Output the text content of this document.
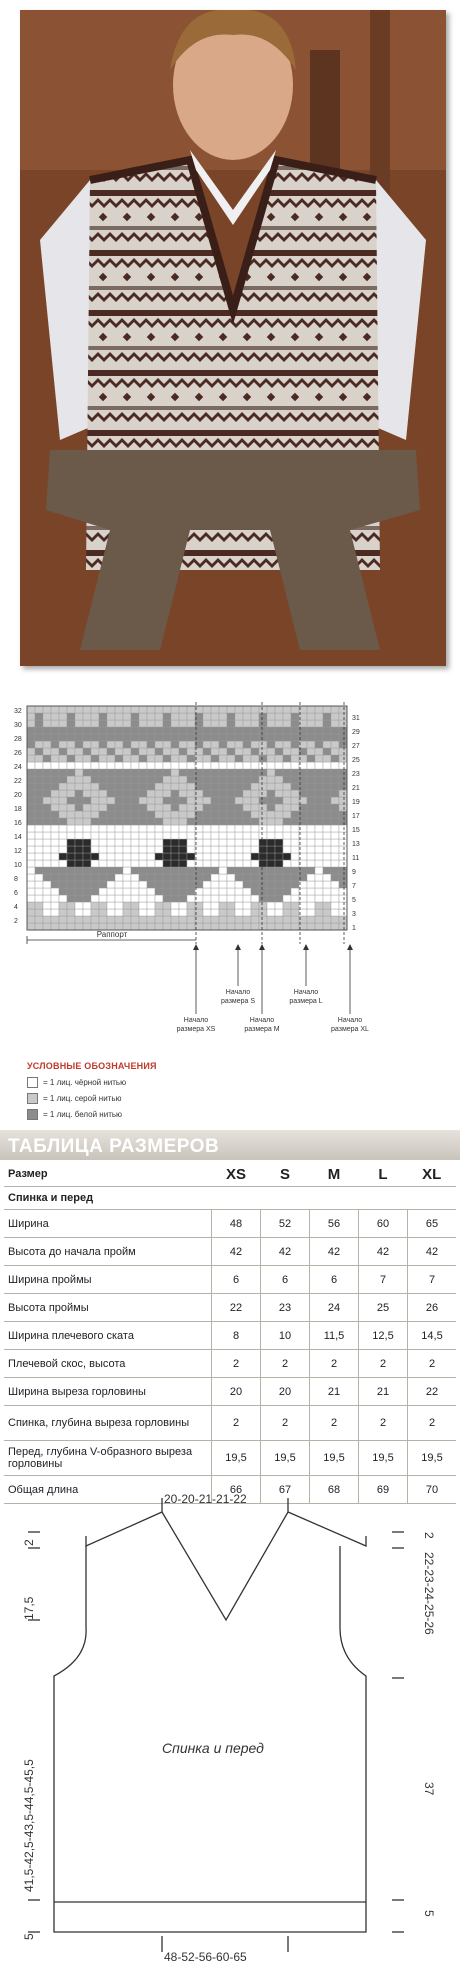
32
30
28
26
24
22
20
18
16
14
12
10
8
6
4
2
31
29
27
25
23
21
19
17
15
13
11
9
7
5
3
1
Раппорт
Начало
размера XS
Начало
размера S
Начало
размера M
Начало
размера L
Начало
размера XL
УСЛОВНЫЕ ОБОЗНАЧЕНИЯ
= 1 лиц. чёрной нитью
= 1 лиц. серой нитью
= 1 лиц. белой нитью
ТАБЛИЦА РАЗМЕРОВ
Размер	XS	S	M	L	XL
Спинка и перед					
Ширина	48	52	56	60	65
Высота до начала пройм	42	42	42	42	42
Ширина проймы	6	6	6	7	7
Высота проймы	22	23	24	25	26
Ширина плечевого ската	8	10	11,5	12,5	14,5
Плечевой скос, высота	2	2	2	2	2
Ширина выреза горловины	20	20	21	21	22
Спинка, глубина выреза горловины	2	2	2	2	2
Перед, глубина V-образного выреза горловины	19,5	19,5	19,5	19,5	19,5
Общая длина	66	67	68	69	70
20-20-21-21-22
48-52-56-60-65
Спинка и перед
2
17,5
41,5-42,5-43,5-44,5-45,5
5
2
22-23-24-25-26
37
5
